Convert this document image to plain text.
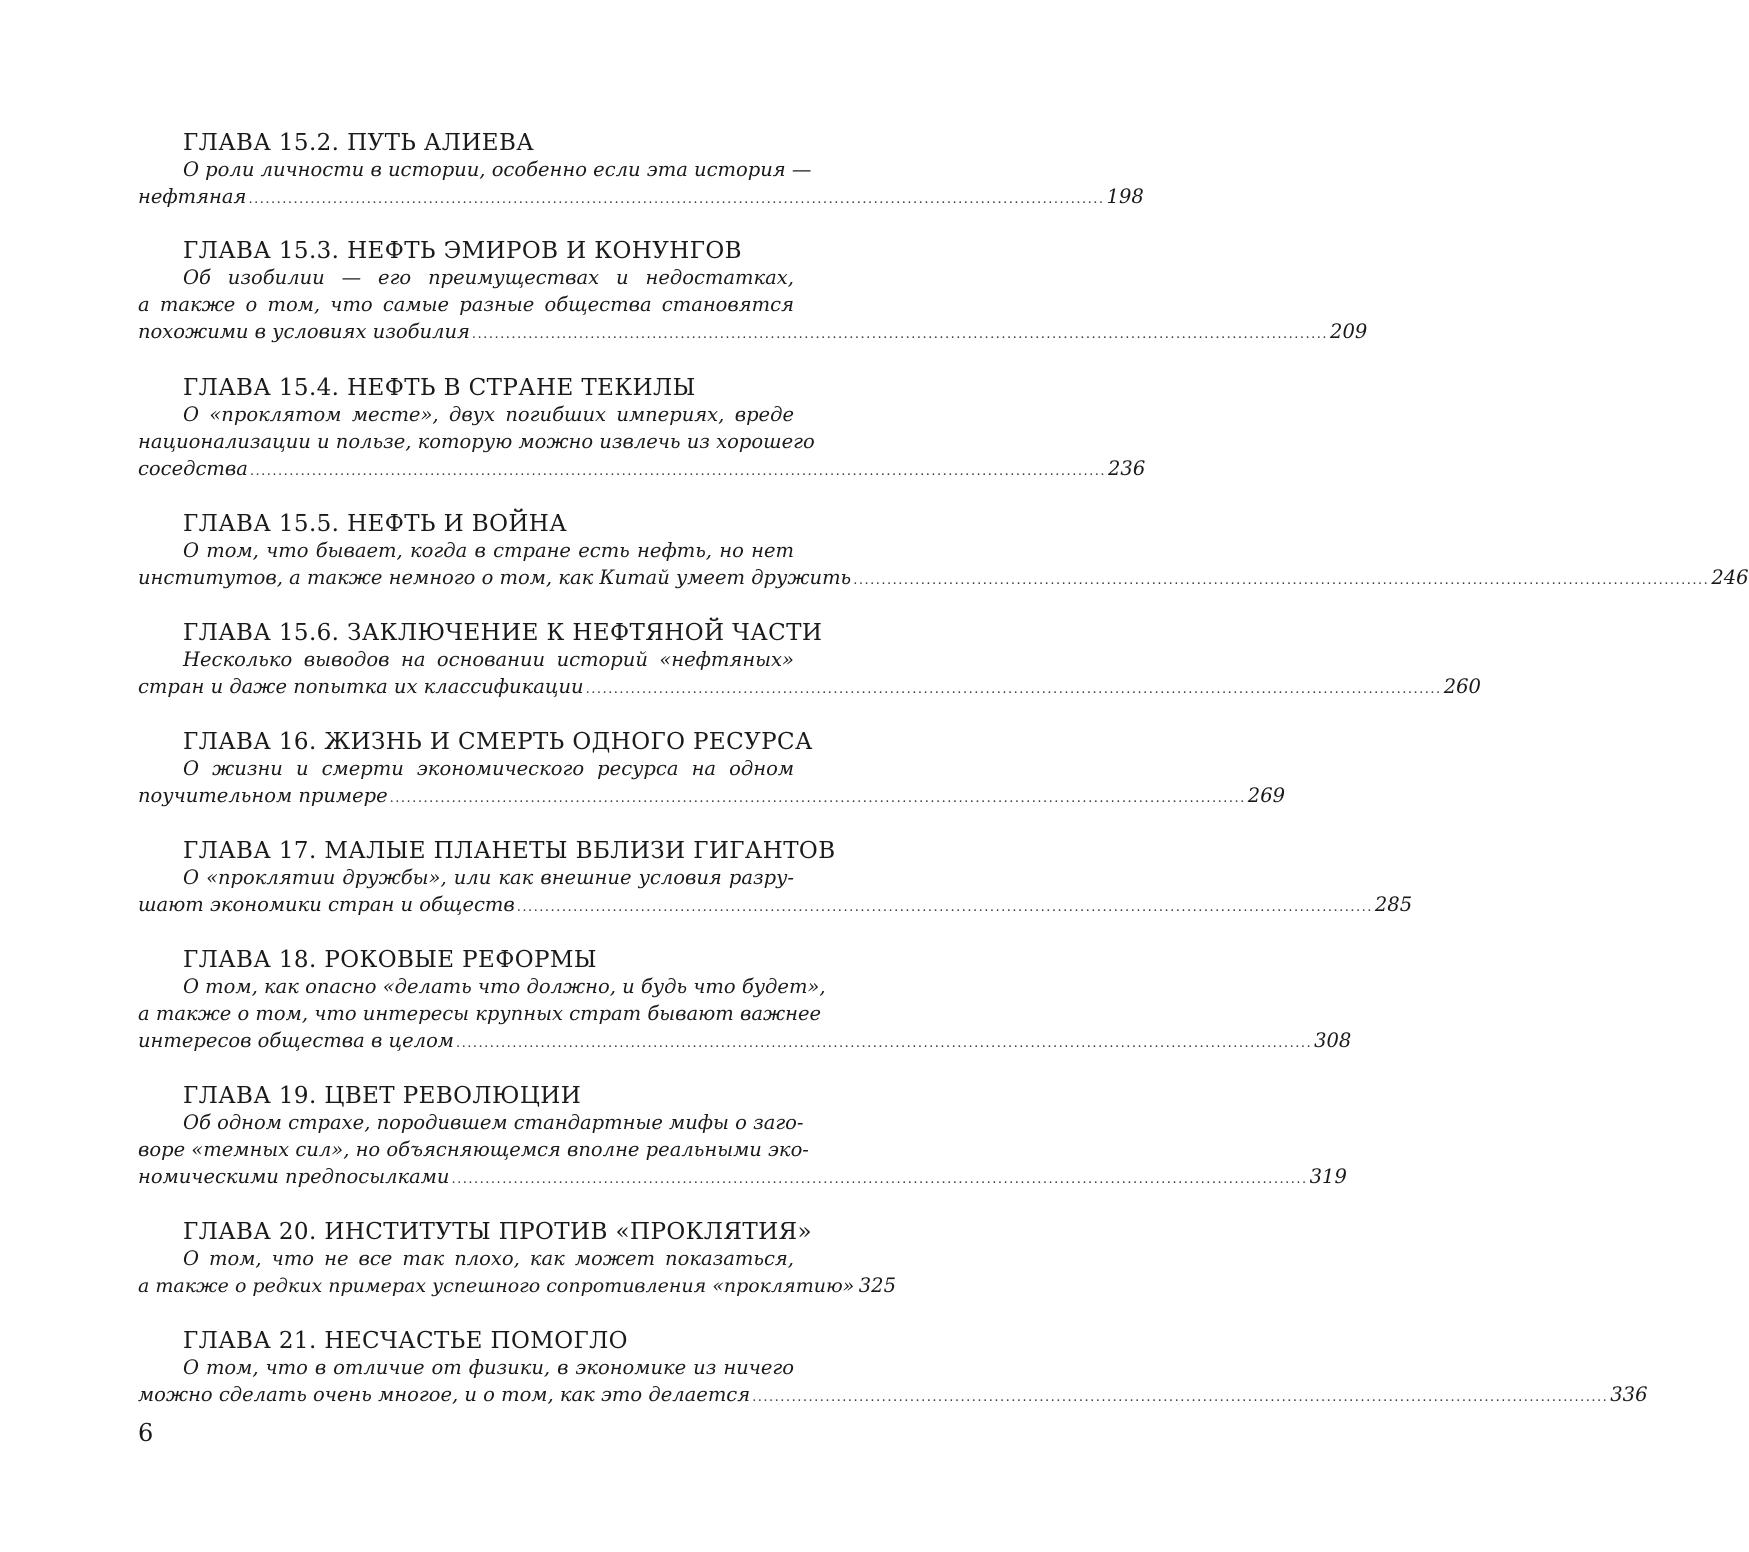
ГЛАВА 15.2. ПУТЬ АЛИЕВА
О роли личности в истории, особенно если эта история —
нефтяная ........................................................................................................................................................ 198
ГЛАВА 15.3. НЕФТЬ ЭМИРОВ И КОНУНГОВ
Об изобилии — его преимуществах и недостатках,
а также о том, что самые разные общества становятся
похожими в условиях изобилия ........................................................................................................................................................ 209
ГЛАВА 15.4. НЕФТЬ В СТРАНЕ ТЕКИЛЫ
О «проклятом месте», двух погибших империях, вреде
национализации и пользе, которую можно извлечь из хорошего
соседства ........................................................................................................................................................ 236
ГЛАВА 15.5. НЕФТЬ И ВОЙНА
О том, что бывает, когда в стране есть нефть, но нет
институтов, а также немного о том, как Китай умеет дружить ........................................................................................................................................................ 246
ГЛАВА 15.6. ЗАКЛЮЧЕНИЕ К НЕФТЯНОЙ ЧАСТИ
Несколько выводов на основании историй «нефтяных»
стран и даже попытка их классификации ........................................................................................................................................................ 260
ГЛАВА 16. ЖИЗНЬ И СМЕРТЬ ОДНОГО РЕСУРСА
О жизни и смерти экономического ресурса на одном
поучительном примере ........................................................................................................................................................ 269
ГЛАВА 17. МАЛЫЕ ПЛАНЕТЫ ВБЛИЗИ ГИГАНТОВ
О «проклятии дружбы», или как внешние условия разру-
шают экономики стран и обществ ........................................................................................................................................................ 285
ГЛАВА 18. РОКОВЫЕ РЕФОРМЫ
О том, как опасно «делать что должно, и будь что будет»,
а также о том, что интересы крупных страт бывают важнее
интересов общества в целом ........................................................................................................................................................ 308
ГЛАВА 19. ЦВЕТ РЕВОЛЮЦИИ
Об одном страхе, породившем стандартные мифы о заго-
воре «темных сил», но объясняющемся вполне реальными эко-
номическими предпосылками ........................................................................................................................................................ 319
ГЛАВА 20. ИНСТИТУТЫ ПРОТИВ «ПРОКЛЯТИЯ»
О том, что не все так плохо, как может показаться,
а также о редких примерах успешного сопротивления «проклятию» 325
ГЛАВА 21. НЕСЧАСТЬЕ ПОМОГЛО
О том, что в отличие от физики, в экономике из ничего
можно сделать очень многое, и о том, как это делается ........................................................................................................................................................ 336
6
